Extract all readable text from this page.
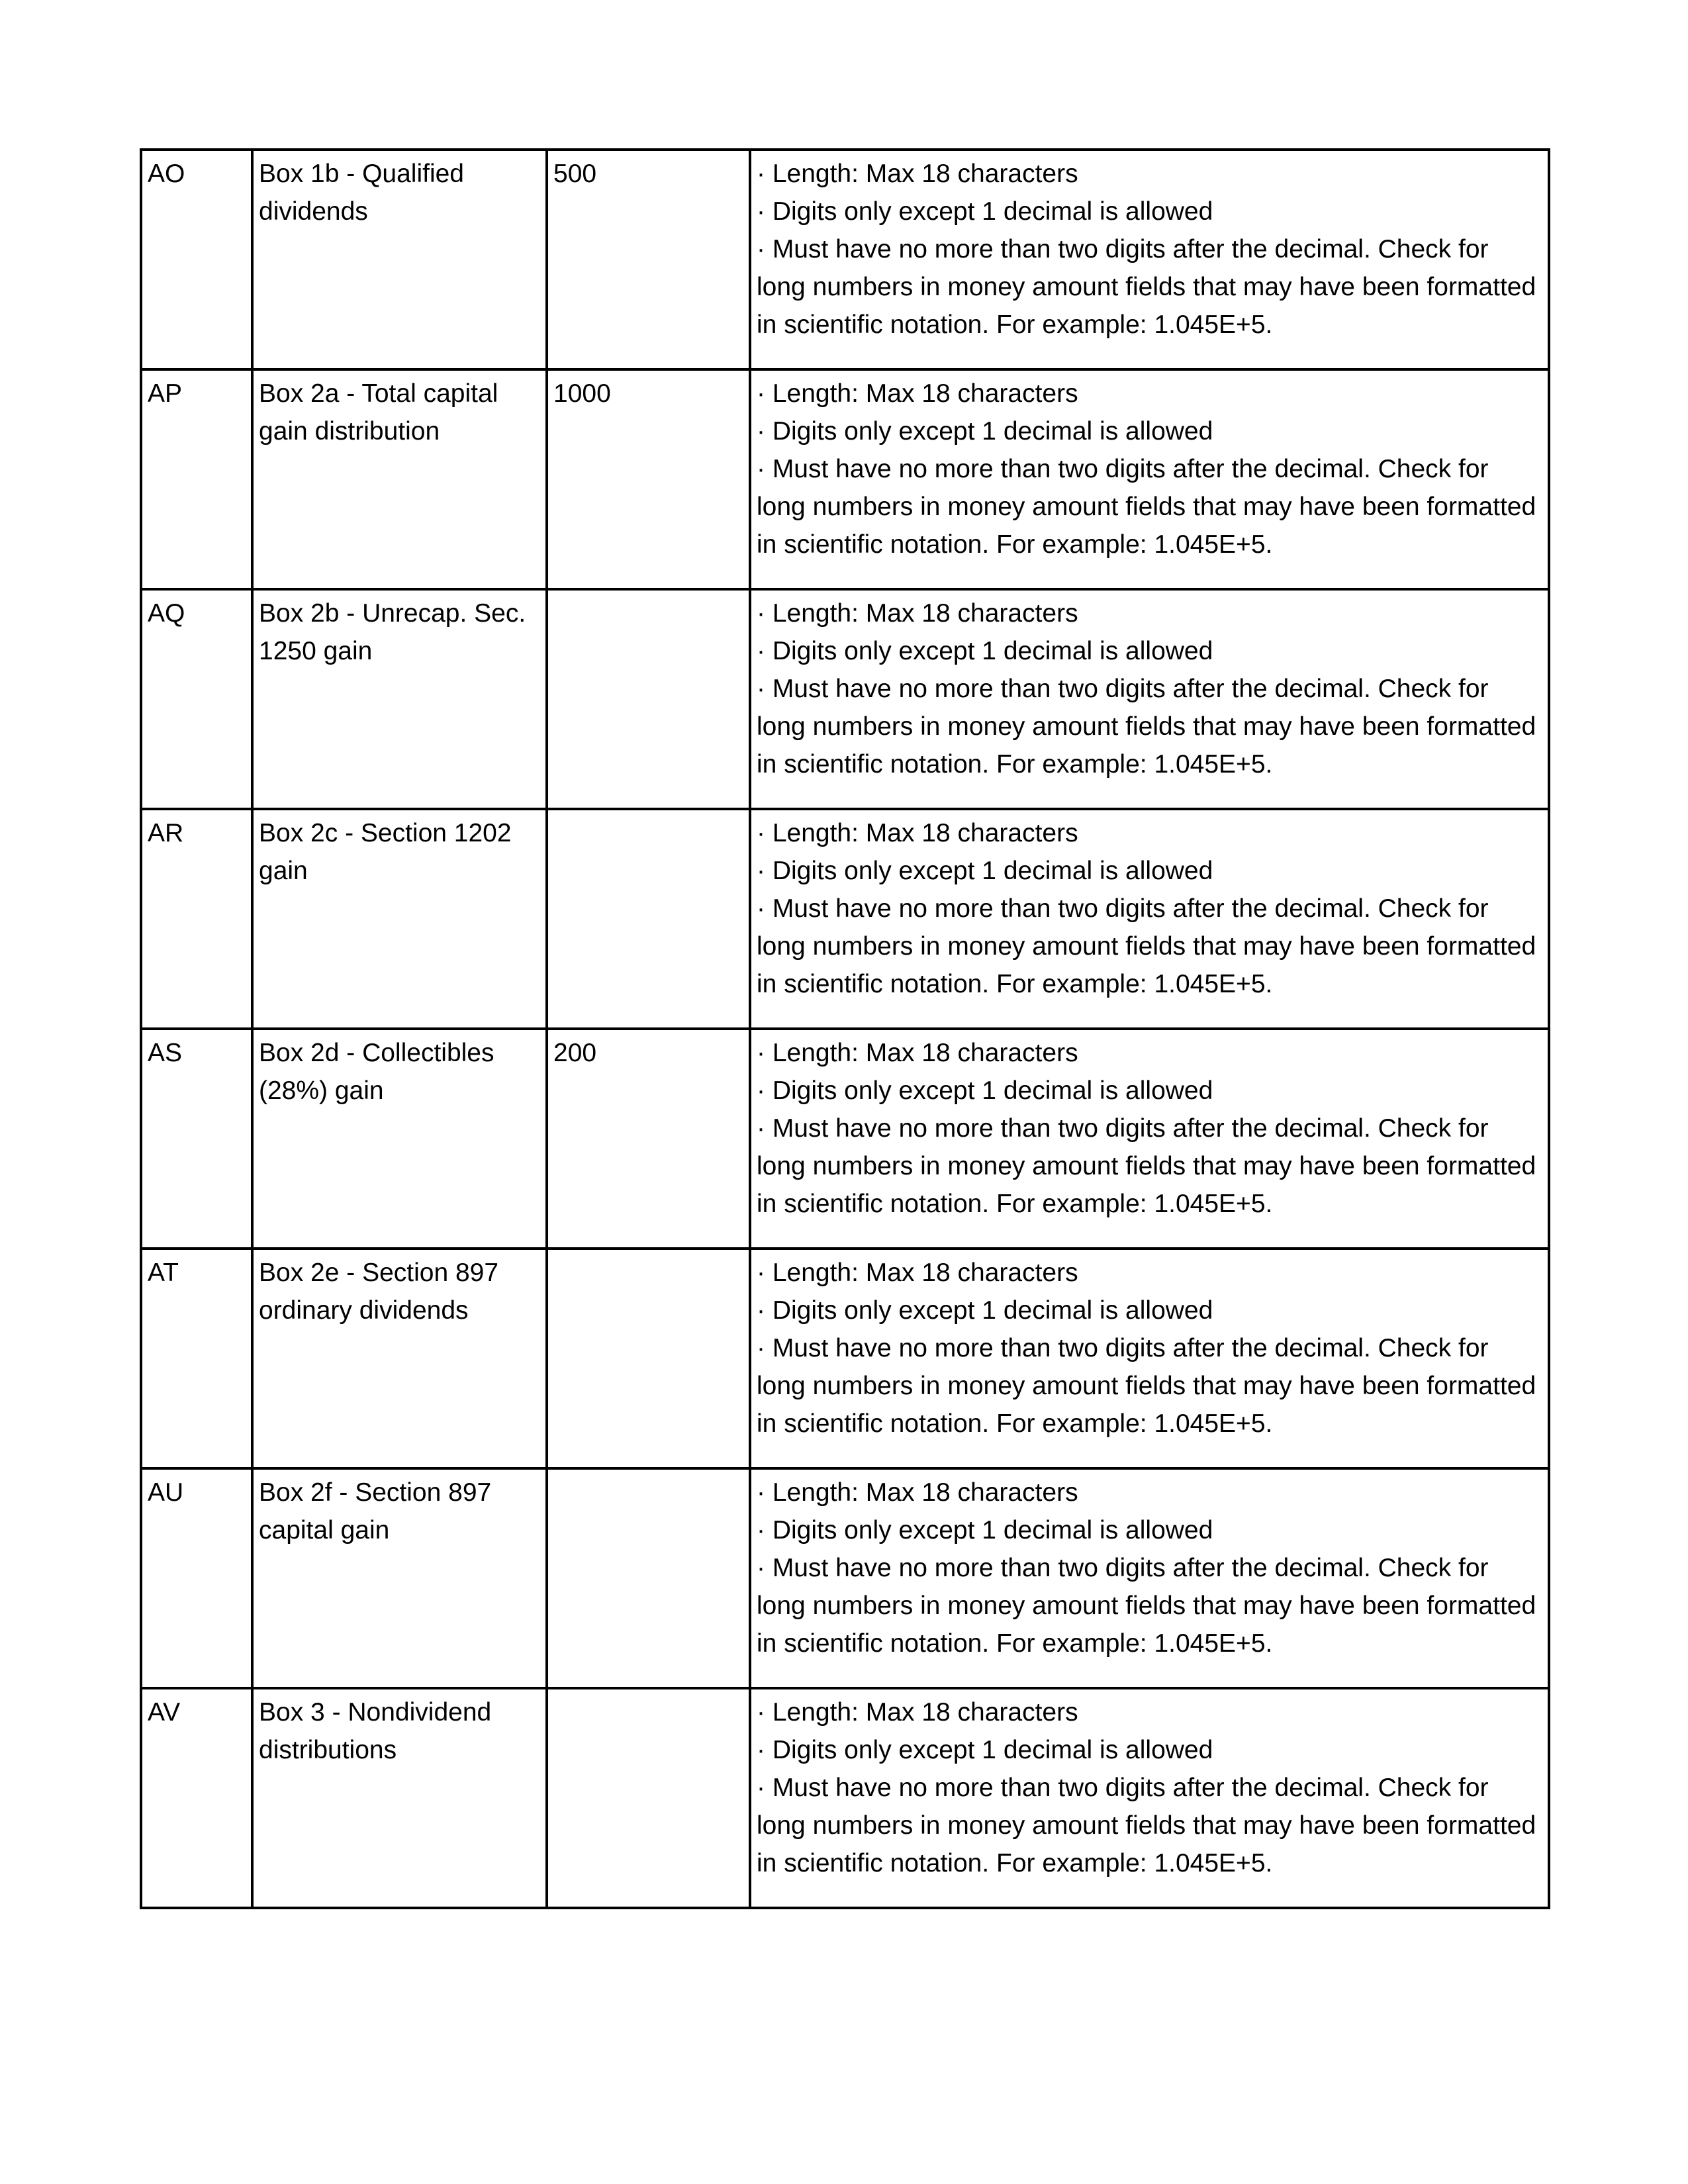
AO	Box 1b - Qualified dividends	500	· Length: Max 18 characters
· Digits only except 1 decimal is allowed
· Must have no more than two digits after the decimal. Check for long numbers in money amount fields that may have been formatted in scientific notation. For example: 1.045E+5.

AP	Box 2a - Total capital gain distribution	1000	· Length: Max 18 characters
· Digits only except 1 decimal is allowed
· Must have no more than two digits after the decimal. Check for long numbers in money amount fields that may have been formatted in scientific notation. For example: 1.045E+5.

AQ	Box 2b - Unrecap. Sec. 1250 gain		· Length: Max 18 characters
· Digits only except 1 decimal is allowed
· Must have no more than two digits after the decimal. Check for long numbers in money amount fields that may have been formatted in scientific notation. For example: 1.045E+5.

AR	Box 2c - Section 1202 gain		· Length: Max 18 characters
· Digits only except 1 decimal is allowed
· Must have no more than two digits after the decimal. Check for long numbers in money amount fields that may have been formatted in scientific notation. For example: 1.045E+5.

AS	Box 2d - Collectibles (28%) gain	200	· Length: Max 18 characters
· Digits only except 1 decimal is allowed
· Must have no more than two digits after the decimal. Check for long numbers in money amount fields that may have been formatted in scientific notation. For example: 1.045E+5.

AT	Box 2e - Section 897 ordinary dividends		· Length: Max 18 characters
· Digits only except 1 decimal is allowed
· Must have no more than two digits after the decimal. Check for long numbers in money amount fields that may have been formatted in scientific notation. For example: 1.045E+5.

AU	Box 2f - Section 897 capital gain		· Length: Max 18 characters
· Digits only except 1 decimal is allowed
· Must have no more than two digits after the decimal. Check for long numbers in money amount fields that may have been formatted in scientific notation. For example: 1.045E+5.

AV	Box 3 - Nondividend distributions		· Length: Max 18 characters
· Digits only except 1 decimal is allowed
· Must have no more than two digits after the decimal. Check for long numbers in money amount fields that may have been formatted in scientific notation. For example: 1.045E+5.
